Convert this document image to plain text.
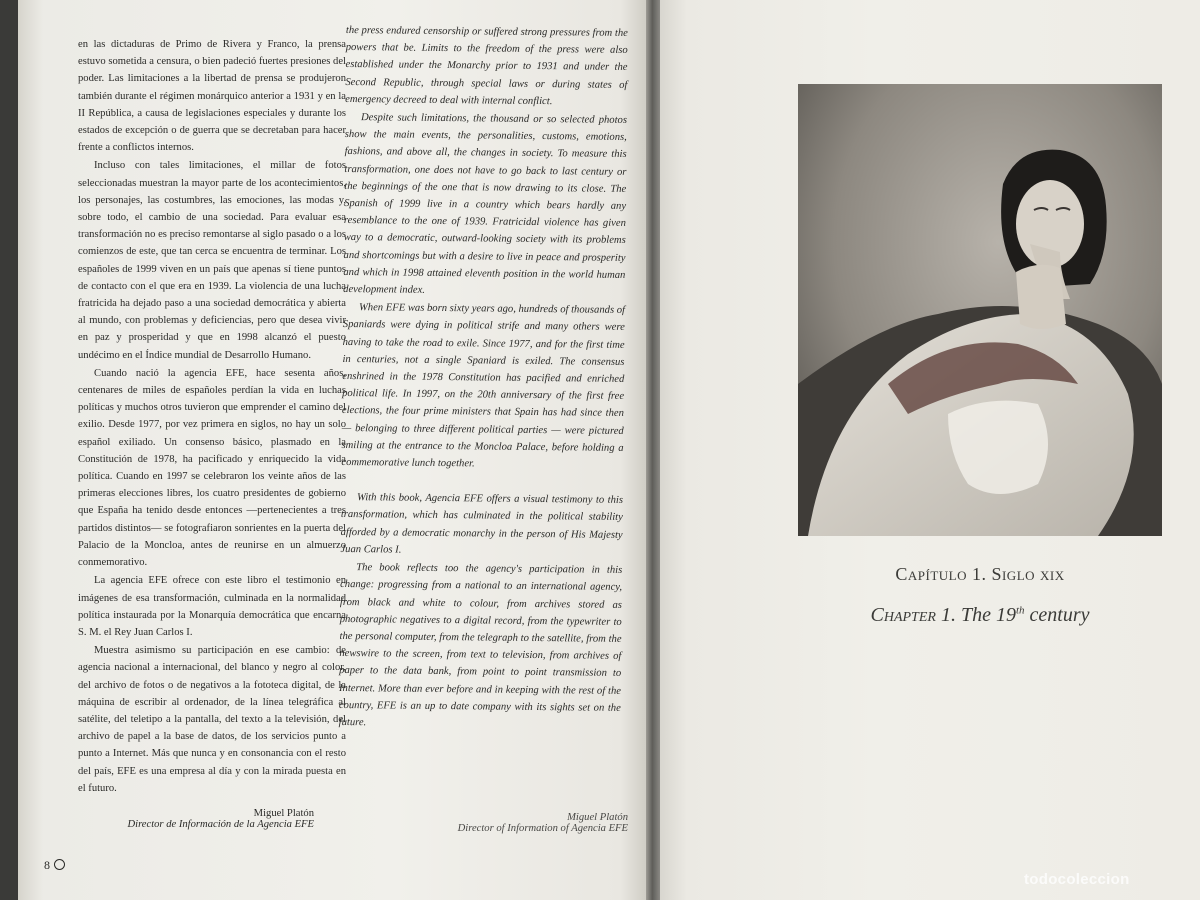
en las dictaduras de Primo de Rivera y Franco, la prensa estuvo sometida a censura, o bien padeció fuertes presiones del poder. Las limitaciones a la libertad de prensa se produjeron también durante el régimen monárquico anterior a 1931 y en la II República, a causa de legislaciones especiales y durante los estados de excepción o de guerra que se decretaban para hacer frente a conflictos internos.

Incluso con tales limitaciones, el millar de fotos seleccionadas muestran la mayor parte de los acontecimientos, los personajes, las costumbres, las emociones, las modas y, sobre todo, el cambio de una sociedad. Para evaluar esa transformación no es preciso remontarse al siglo pasado o a los comienzos de este, que tan cerca se encuentra de terminar. Los españoles de 1999 viven en un país que apenas sí tiene puntos de contacto con el que era en 1939. La violencia de una lucha fratricida ha dejado paso a una sociedad democrática y abierta al mundo, con problemas y deficiencias, pero que desea vivir en paz y prosperidad y que en 1998 alcanzó el puesto undécimo en el Índice mundial de Desarrollo Humano.

Cuando nació la agencia EFE, hace sesenta años, centenares de miles de españoles perdían la vida en luchas políticas y muchos otros tuvieron que emprender el camino del exilio. Desde 1977, por vez primera en siglos, no hay un solo español exiliado. Un consenso básico, plasmado en la Constitución de 1978, ha pacificado y enriquecido la vida política. Cuando en 1997 se celebraron los veinte años de las primeras elecciones libres, los cuatro presidentes de gobierno que España ha tenido desde entonces —pertenecientes a tres partidos distintos— se fotografiaron sonrientes en la puerta del Palacio de la Moncloa, antes de reunirse en un almuerzo conmemorativo.

La agencia EFE ofrece con este libro el testimonio en imágenes de esa transformación, culminada en la normalidad política instaurada por la Monarquía democrática que encarna S. M. el Rey Juan Carlos I.

Muestra asimismo su participación en ese cambio: de agencia nacional a internacional, del blanco y negro al color, del archivo de fotos o de negativos a la fototeca digital, de la máquina de escribir al ordenador, de la línea telegráfica al satélite, del teletipo a la pantalla, del texto a la televisión, del archivo de papel a la base de datos, de los servicios punto a punto a Internet. Más que nunca y en consonancia con el resto del país, EFE es una empresa al día y con la mirada puesta en el futuro.

the press endured censorship or suffered strong pressures from the powers that be. Limits to the freedom of the press were also established under the Monarchy prior to 1931 and under the Second Republic, through special laws or during states of emergency decreed to deal with internal conflict.

Despite such limitations, the thousand or so selected photos show the main events, the personalities, customs, emotions, fashions, and above all, the changes in society. To measure this transformation, one does not have to go back to last century or the beginnings of the one that is now drawing to its close. The Spanish of 1999 live in a country which bears hardly any resemblance to the one of 1939. Fratricidal violence has given way to a democratic, outward-looking society with its problems and shortcomings but with a desire to live in peace and prosperity and which in 1998 attained eleventh position in the world human development index.

When EFE was born sixty years ago, hundreds of thousands of Spaniards were dying in political strife and many others were having to take the road to exile. Since 1977, and for the first time in centuries, not a single Spaniard is exiled. The consensus enshrined in the 1978 Constitution has pacified and enriched political life. In 1997, on the 20th anniversary of the first free elections, the four prime ministers that Spain has had since then — belonging to three different political parties — were pictured smiling at the entrance to the Moncloa Palace, before holding a commemorative lunch together.

With this book, Agencia EFE offers a visual testimony to this transformation, which has culminated in the political stability afforded by a democratic monarchy in the person of His Majesty Juan Carlos I.

The book reflects too the agency's participation in this change: progressing from a national to an international agency, from black and white to colour, from archives stored as photographic negatives to a digital record, from the typewriter to the personal computer, from the telegraph to the satellite, from the newswire to the screen, from text to television, from archives of paper to the data bank, from point to point transmission to Internet. More than ever before and in keeping with the rest of the country, EFE is an up to date company with its sights set on the future.

Miguel Platón
Director de Información de la Agencia EFE
Miguel Platón
Director of Information of Agencia EFE
8
Capítulo 1. Siglo xix
Chapter 1. The 19th century
todocoleccion
